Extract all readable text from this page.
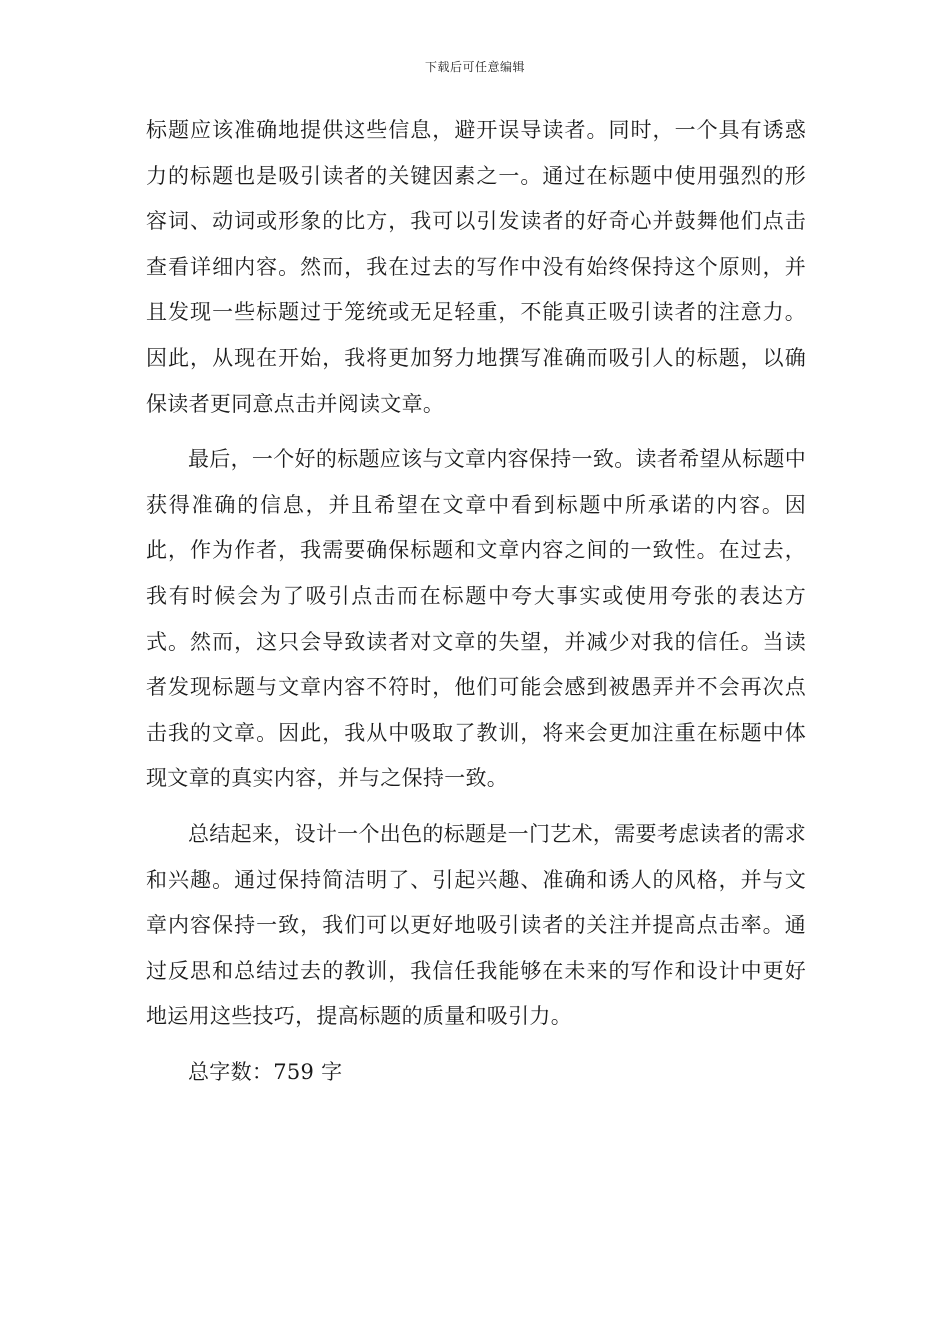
下载后可任意编辑

标题应该准确地提供这些信息，避开误导读者。同时，一个具有诱惑力的标题也是吸引读者的关键因素之一。通过在标题中使用强烈的形容词、动词或形象的比方，我可以引发读者的好奇心并鼓舞他们点击查看详细内容。然而，我在过去的写作中没有始终保持这个原则，并且发现一些标题过于笼统或无足轻重，不能真正吸引读者的注意力。因此，从现在开始，我将更加努力地撰写准确而吸引人的标题，以确保读者更同意点击并阅读文章。

最后，一个好的标题应该与文章内容保持一致。读者希望从标题中获得准确的信息，并且希望在文章中看到标题中所承诺的内容。因此，作为作者，我需要确保标题和文章内容之间的一致性。在过去，我有时候会为了吸引点击而在标题中夸大事实或使用夸张的表达方式。然而，这只会导致读者对文章的失望，并减少对我的信任。当读者发现标题与文章内容不符时，他们可能会感到被愚弄并不会再次点击我的文章。因此，我从中吸取了教训，将来会更加注重在标题中体现文章的真实内容，并与之保持一致。

总结起来，设计一个出色的标题是一门艺术，需要考虑读者的需求和兴趣。通过保持简洁明了、引起兴趣、准确和诱人的风格，并与文章内容保持一致，我们可以更好地吸引读者的关注并提高点击率。通过反思和总结过去的教训，我信任我能够在未来的写作和设计中更好地运用这些技巧，提高标题的质量和吸引力。

总字数：759 字
